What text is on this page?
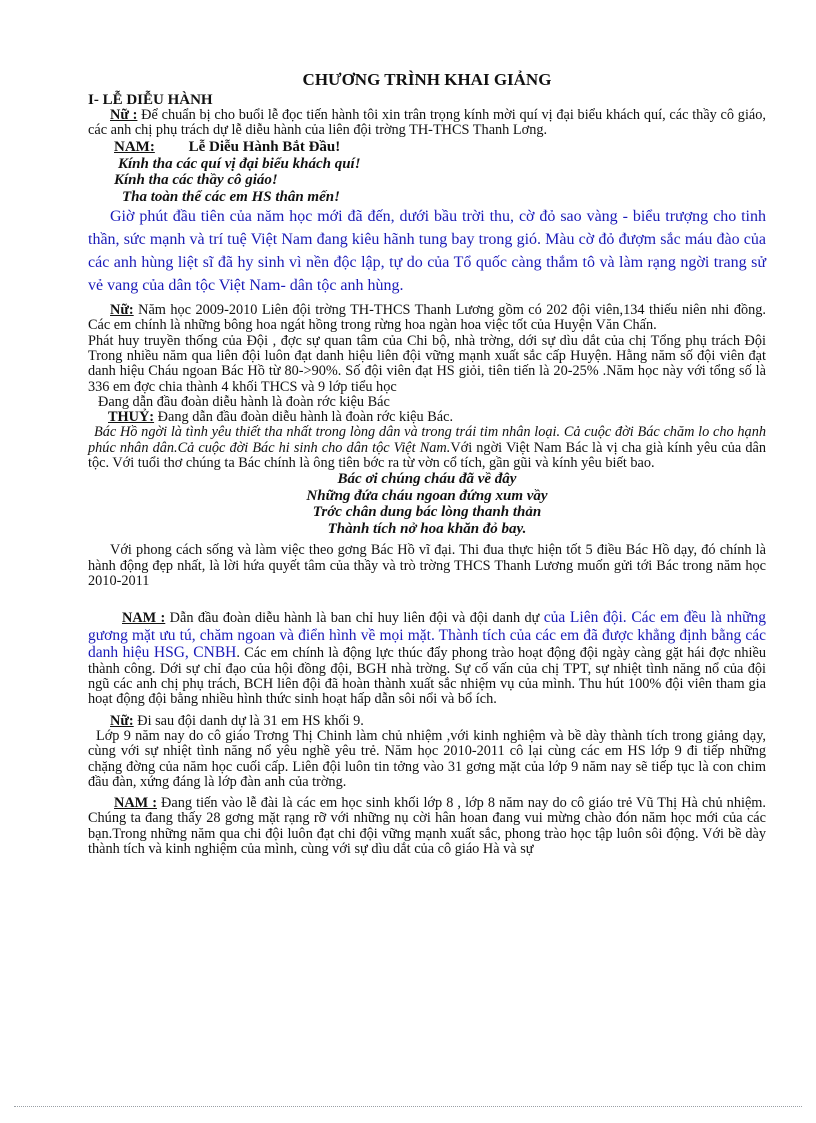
CHƯƠNG TRÌNH KHAI GIẢNG

I- LỄ DIỄU HÀNH

Nữ : Để chuẩn bị cho buổi lễ đọc tiến hành tôi xin trân trọng kính mời quí vị đại biểu khách quí, các thầy cô giáo, các anh chị phụ trách dự lễ diễu hành của liên đội trờng TH-THCS Thanh Lơng.

NAM: Lễ Diễu Hành Bắt Đầu!

Kính tha các quí vị đại biểu khách quí!

Kính tha các thầy cô giáo!

Tha toàn thể các em HS thân mến!

Giờ phút đầu tiên của năm học mới đã đến, dưới bầu trời thu, cờ đỏ sao vàng - biểu trượng cho tinh thần, sức mạnh và trí tuệ Việt Nam đang kiêu hãnh tung bay trong gió. Màu cờ đỏ đượm sắc máu đào của các anh hùng liệt sĩ đã hy sinh vì nền độc lập, tự do của Tổ quốc càng thắm tô và làm rạng ngời trang sử vẻ vang của dân tộc Việt Nam- dân tộc anh hùng.

Nữ: Năm học 2009-2010 Liên đội trờng TH-THCS Thanh Lương gồm có 202 đội viên,134 thiếu niên nhi đồng. Các em chính là những bông hoa ngát hồng trong rừng hoa ngàn hoa việc tốt của Huyện Văn Chấn.

Phát huy truyền thống của Đội , đợc sự quan tâm của Chi bộ, nhà trờng, dới sự dìu dắt của chị Tổng phụ trách Đội Trong nhiều năm qua liên đội luôn đạt danh hiệu liên đội vững mạnh xuất sắc cấp Huyện. Hằng năm số đội viên đạt danh hiệu Cháu ngoan Bác Hồ từ 80->90%. Số đội viên đạt HS giỏi, tiên tiến là 20-25% .Năm học này với tổng số là 336 em đợc chia thành 4 khối THCS và 9 lớp tiểu học

Đang dẫn đầu đoàn diễu hành là đoàn rớc kiệu Bác

THUỶ: Đang dẫn đầu đoàn diễu hành là đoàn rớc kiệu Bác.

Bác Hồ ngời là tình yêu thiết tha nhất trong lòng dân và trong trái tim nhân loại. Cả cuộc đời Bác chăm lo cho hạnh phúc nhân dân.Cả cuộc đời Bác hi sinh cho dân tộc Việt Nam.Với ngời Việt Nam Bác là vị cha già kính yêu của dân tộc. Với tuổi thơ chúng ta Bác chính là ông tiên bớc ra từ vờn cổ tích, gần gũi và kính yêu biết bao.

Bác ơi chúng cháu đã về đây

Những đứa cháu ngoan đứng xum vầy

Trớc chân dung bác lòng thanh thản

Thành tích nở hoa khăn đỏ bay.

Với phong cách sống và làm việc theo gơng Bác Hồ vĩ đại. Thi đua thực hiện tốt 5 điều Bác Hồ dạy, đó chính là hành động đẹp nhất, là lời hứa quyết tâm của thầy và trò trờng THCS Thanh Lương muốn gửi tới Bác trong năm học 2010-2011

NAM : Dẫn đầu đoàn diễu hành là ban chỉ huy liên đội và đội danh dự của Liên đội. Các em đều là những gương mặt ưu tú, chăm ngoan và điển hình về mọi mặt. Thành tích của các em đã được khẳng định bằng các danh hiệu HSG, CNBH. Các em chính là động lực thúc đẩy phong trào hoạt động đội ngày càng gặt hái đợc nhiều thành công. Dới sự chỉ đạo của hội đồng đội, BGH nhà trờng. Sự cố vấn của chị TPT, sự nhiệt tình năng nổ của đội ngũ các anh chị phụ trách, BCH liên đội đã hoàn thành xuất sắc nhiệm vụ của mình. Thu hút 100% đội viên tham gia hoạt động đội bằng nhiều hình thức sinh hoạt hấp dẫn sôi nổi và bổ ích.

Nữ: Đi sau đội danh dự là 31 em HS khối 9.

Lớp 9 năm nay do cô giáo Trơng Thị Chinh làm chủ nhiệm ,với kinh nghiệm và bề dày thành tích trong giảng dạy, cùng với sự nhiệt tình năng nổ yêu nghề yêu trẻ. Năm học 2010-2011 cô lại cùng các em HS lớp 9 đi tiếp những chặng đờng của năm học cuối cấp. Liên đội luôn tin tởng vào 31 gơng mặt của lớp 9 năm nay sẽ tiếp tục là con chim đầu đàn, xứng đáng là lớp đàn anh của trờng.

NAM : Đang tiến vào lễ đài là các em học sinh khối lớp 8 , lớp 8 năm nay do cô giáo trẻ Vũ Thị Hà chủ nhiệm. Chúng ta đang thấy 28 gơng mặt rạng rỡ với những nụ cời hân hoan đang vui mừng chào đón năm học mới của các bạn.Trong những năm qua chi đội luôn đạt chi đội vững mạnh xuất sắc, phong trào học tập luôn sôi động. Với bề dày thành tích và kinh nghiệm của mình, cùng với sự dìu dắt của cô giáo Hà và sự
